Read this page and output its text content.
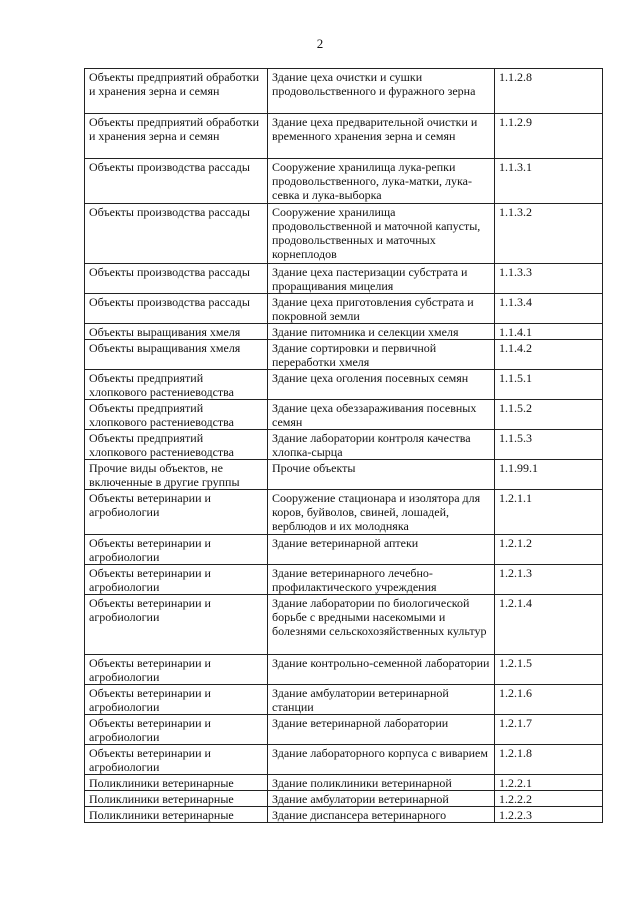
2
Объекты предприятий обработки и хранения зерна и семян	Здание цеха очистки и сушки продовольственного и фуражного зерна	1.1.2.8
Объекты предприятий обработки и хранения зерна и семян	Здание цеха предварительной очистки и временного хранения зерна и семян	1.1.2.9
Объекты производства рассады	Сооружение хранилища лука-репки продовольственного, лука-матки, лука-севка и лука-выборка	1.1.3.1
Объекты производства рассады	Сооружение хранилища продовольственной и маточной капусты, продовольственных и маточных корнеплодов	1.1.3.2
Объекты производства рассады	Здание цеха пастеризации субстрата и проращивания мицелия	1.1.3.3
Объекты производства рассады	Здание цеха приготовления субстрата и покровной земли	1.1.3.4
Объекты выращивания хмеля	Здание питомника и селекции хмеля	1.1.4.1
Объекты выращивания хмеля	Здание сортировки и первичной переработки хмеля	1.1.4.2
Объекты предприятий хлопкового растениеводства	Здание цеха оголения посевных семян	1.1.5.1
Объекты предприятий хлопкового растениеводства	Здание цеха обеззараживания посевных семян	1.1.5.2
Объекты предприятий хлопкового растениеводства	Здание лаборатории контроля качества хлопка-сырца	1.1.5.3
Прочие виды объектов, не включенные в другие группы	Прочие объекты	1.1.99.1
Объекты ветеринарии и агробиологии	Сооружение стационара и изолятора для коров, буйволов, свиней, лошадей, верблюдов и их молодняка	1.2.1.1
Объекты ветеринарии и агробиологии	Здание ветеринарной аптеки	1.2.1.2
Объекты ветеринарии и агробиологии	Здание ветеринарного лечебно-профилактического учреждения	1.2.1.3
Объекты ветеринарии и агробиологии	Здание лаборатории по биологической борьбе с вредными насекомыми и болезнями сельскохозяйственных культур	1.2.1.4
Объекты ветеринарии и агробиологии	Здание контрольно-семенной лаборатории	1.2.1.5
Объекты ветеринарии и агробиологии	Здание амбулатории ветеринарной станции	1.2.1.6
Объекты ветеринарии и агробиологии	Здание ветеринарной лаборатории	1.2.1.7
Объекты ветеринарии и агробиологии	Здание лабораторного корпуса с виварием	1.2.1.8
Поликлиники ветеринарные	Здание поликлиники ветеринарной	1.2.2.1
Поликлиники ветеринарные	Здание амбулатории ветеринарной	1.2.2.2
Поликлиники ветеринарные	Здание диспансера ветеринарного	1.2.2.3
